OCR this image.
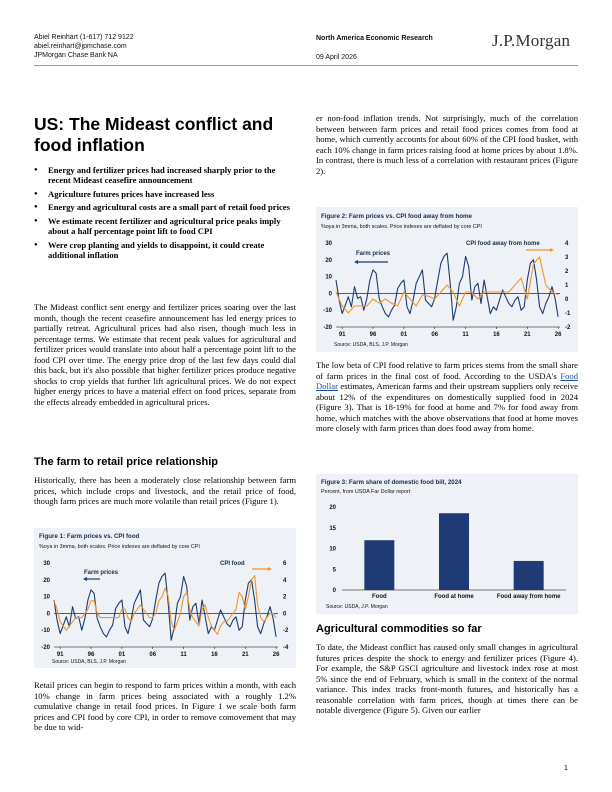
Abiel Reinhart (1-617) 712 9122
abiel.reinhart@jpmchase.com
JPMorgan Chase Bank NA
North America Economic Research
09 April 2026
J.P.Morgan
US: The Mideast conflict and food inflation
● Energy and fertilizer prices had increased sharply prior to the recent Mideast ceasefire announcement
● Agriculture futures prices have increased less
● Energy and agricultural costs are a small part of retail food prices
● We estimate recent fertilizer and agricultural price peaks imply about a half percentage point lift to food CPI
● Were crop planting and yields to disappoint, it could create additional inflation

The Mideast conflict sent energy and fertilizer prices soaring over the last month, though the recent ceasefire announcement has led energy prices to partially retreat. Agricultural prices had also risen, though much less in percentage terms. We estimate that recent peak values for agricultural and fertilizer prices would translate into about half a percentage point lift to the food CPI over time. The energy price drop of the last few days could dial this back, but it's also possible that higher fertilizer prices produce negative shocks to crop yields that further lift agricultural prices. We do not expect higher energy prices to have a material effect on food prices, separate from the effects already embedded in agricultural prices.

The farm to retail price relationship

Historically, there has been a moderately close relationship between farm prices, which include crops and livestock, and the retail price of food, though farm prices are much more volatile than retail prices (Figure 1).

Figure 1: Farm prices vs. CPI food
%oya in 3mma, both scales. Price indexes are deflated by core CPI
-20
-10
0
10
20
30
-4
-2
0
2
4
6
91	96	01	06	11	16	21	26
Farm prices
CPI food
Source: USDA, BLS, J.P. Morgan

Retail prices can begin to respond to farm prices within a month, with each 10% change in farm prices being associated with a roughly 1.2% cumulative change in retail food prices. In Figure 1 we scale both farm prices and CPI food by core CPI, in order to remove comovement that may be due to wid-

er non-food inflation trends. Not surprisingly, much of the correlation between between farm prices and retail food prices comes from food at home, which currently accounts for about 60% of the CPI food basket, with each 10% change in farm prices raising food at home prices by about 1.8%. In contrast, there is much less of a correlation with restaurant prices (Figure 2).

Figure 2: Farm prices vs. CPI food away from home
%oya in 3mma, both scales. Price indexes are deflated by core CPI
-20
-10
0
10
20
30
-2
-1
0
1
2
3
4
91	96	01	06	11	16	21	26
Farm prices
CPI food away from home
Source: USDA, BLS, J.P. Morgan

The low beta of CPI food relative to farm prices stems from the small share of farm prices in the final cost of food. According to the USDA's Food Dollar estimates, American farms and their upstream suppliers only receive about 12% of the expenditures on domestically supplied food in 2024 (Figure 3). That is 18-19% for food at home and 7% for food away from home, which matches with the above observations that food at home moves more closely with farm prices than does food away from home.

Figure 3: Farm share of domestic food bill, 2024
Percent, from USDA Far Dollar report
0
5
10
15
20
Food	Food at home	Food away from home
Source: USDA, J.P. Morgan
Agricultural commodities so far

To date, the Mideast conflict has caused only small changes in agricultural futures prices despite the shock to energy and fertilizer prices (Figure 4). For example, the S&P GSCI agriculture and livestock index rose at most 5% since the end of February, which is small in the context of the normal variance. This index tracks front-month futures, and historically has a reasonable correlation with farm prices, though at times there can be notable divergence (Figure 5). Given our earlier

1
